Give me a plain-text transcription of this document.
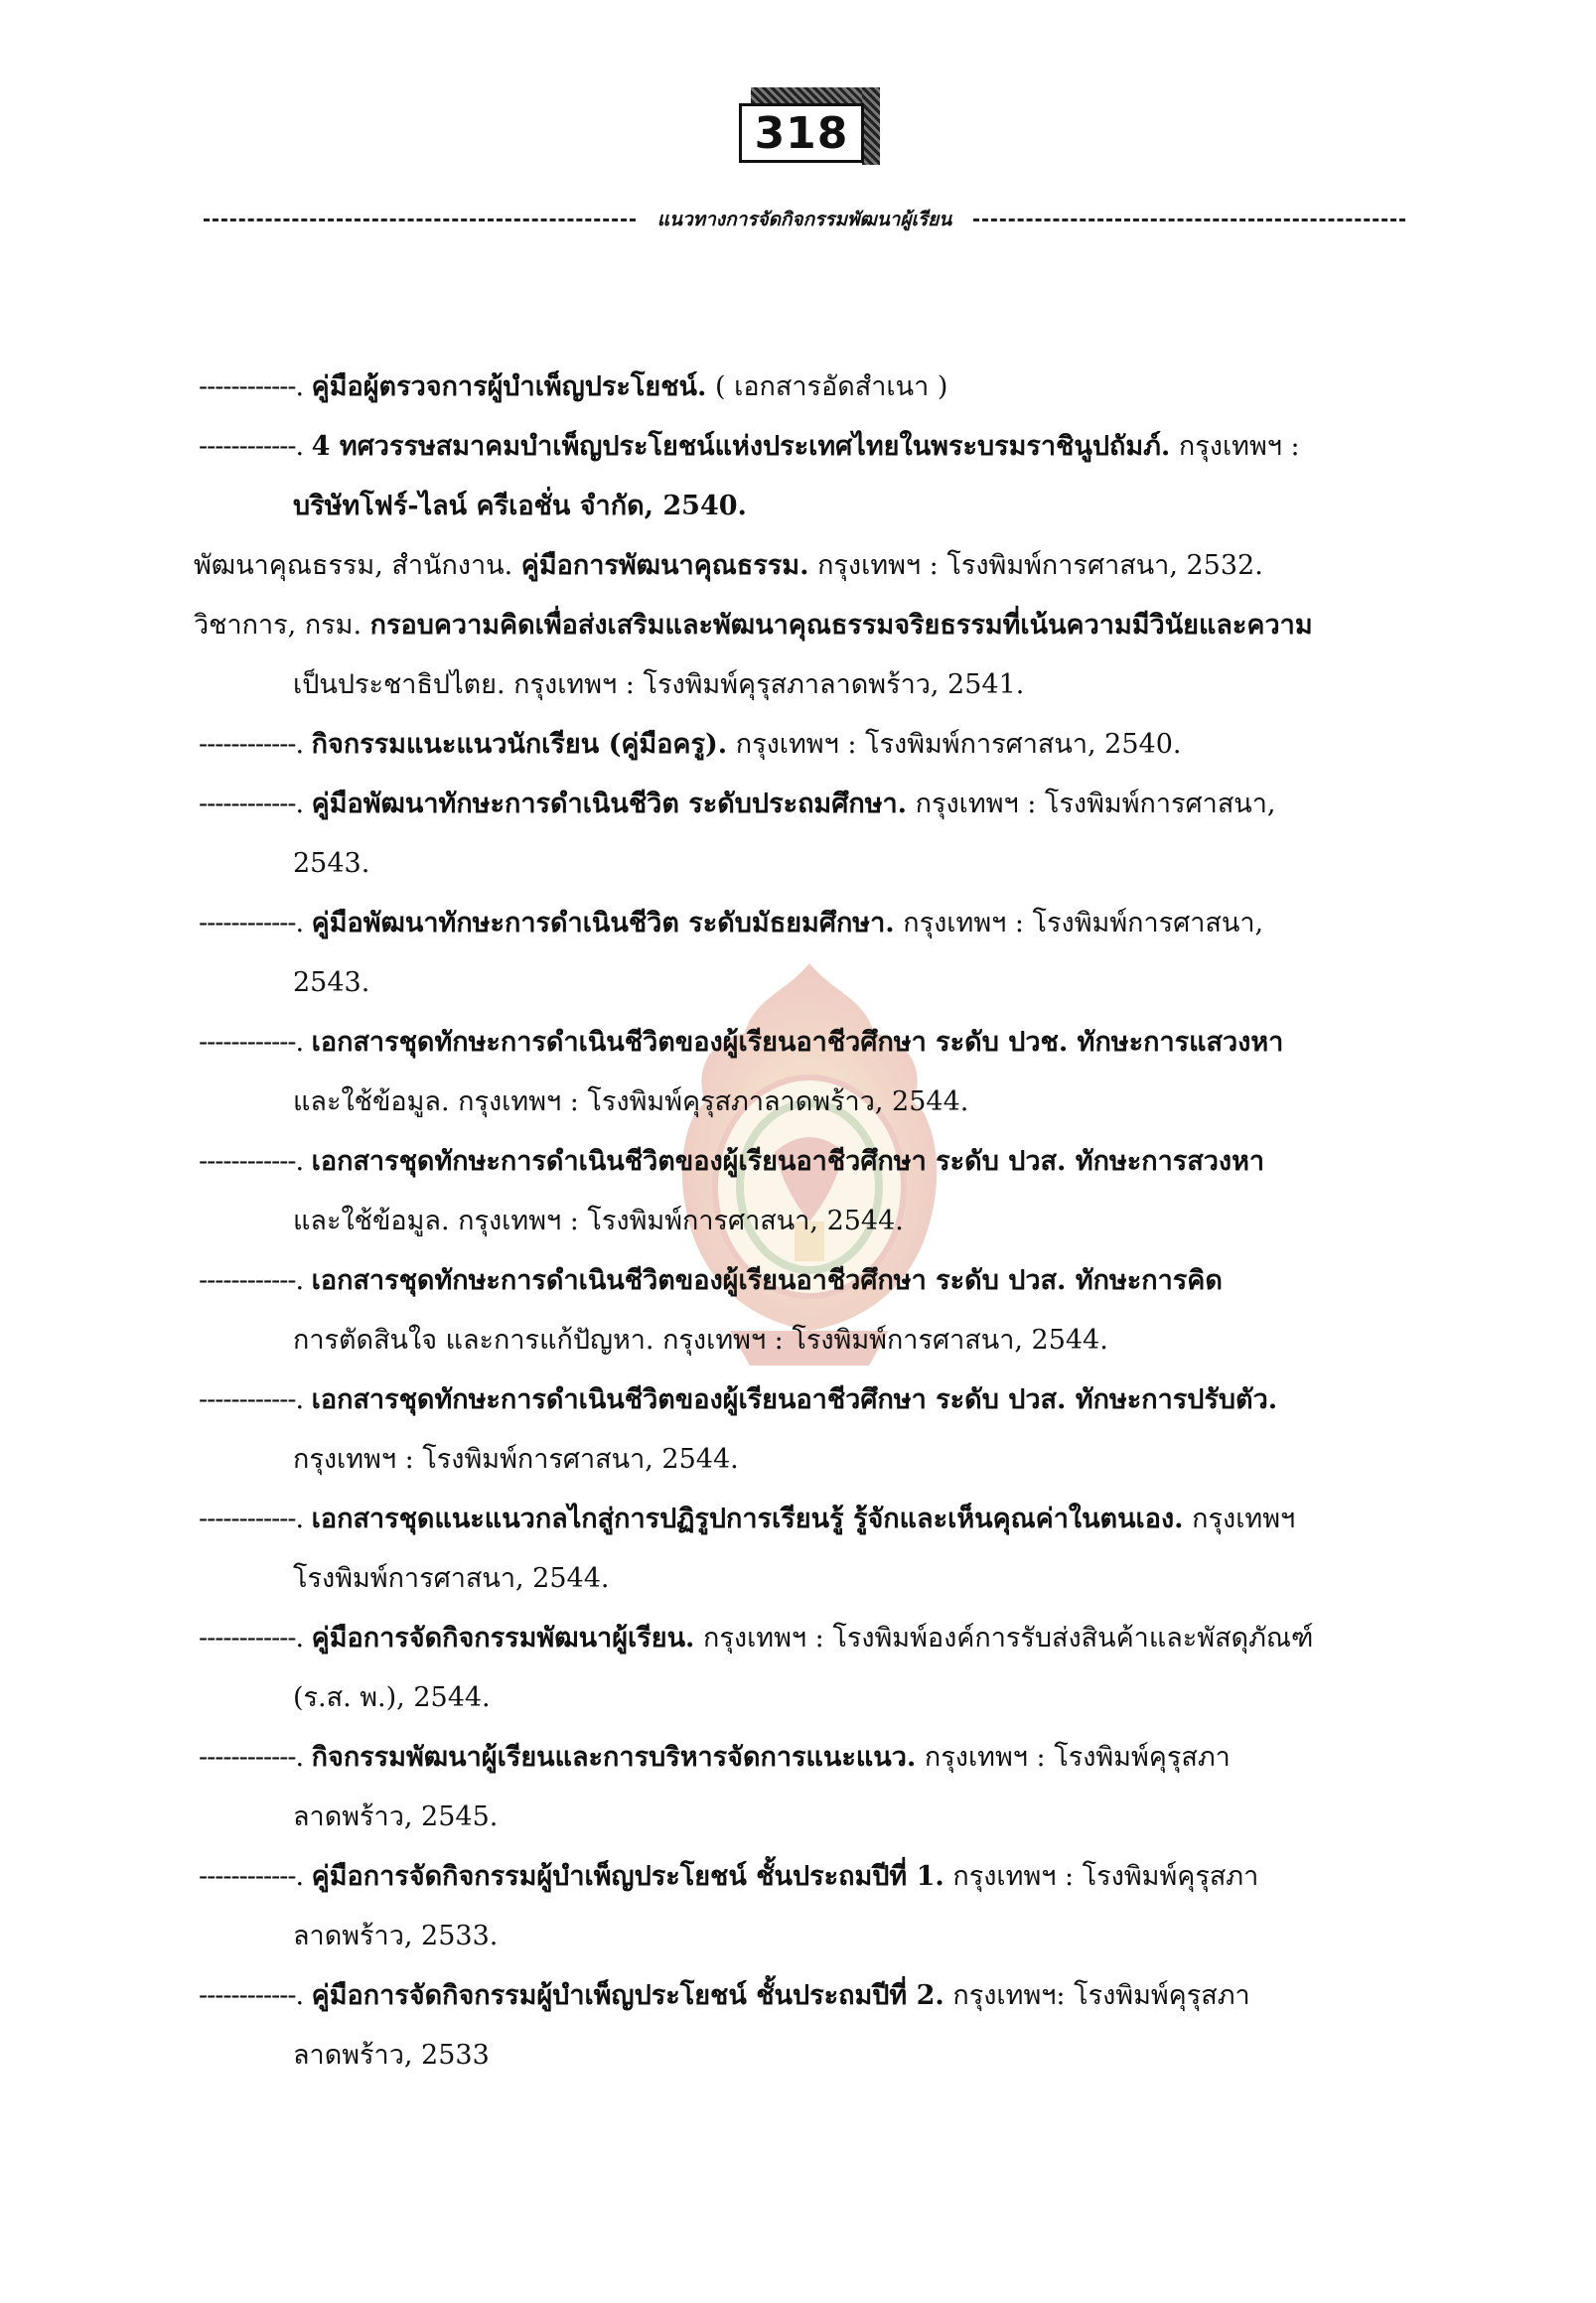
318
แนวทางการจัดกิจกรรมพัฒนาผู้เรียน
------------. คู่มือผู้ตรวจการผู้บำเพ็ญประโยชน์. ( เอกสารอัดสำเนา )
------------. 4 ทศวรรษสมาคมบำเพ็ญประโยชน์แห่งประเทศไทยในพระบรมราชินูปถัมภ์. กรุงเทพฯ :
บริษัทโฟร์-ไลน์ ครีเอชั่น จำกัด, 2540.
พัฒนาคุณธรรม, สำนักงาน. คู่มือการพัฒนาคุณธรรม. กรุงเทพฯ : โรงพิมพ์การศาสนา, 2532.
วิชาการ, กรม. กรอบความคิดเพื่อส่งเสริมและพัฒนาคุณธรรมจริยธรรมที่เน้นความมีวินัยและความ
เป็นประชาธิปไตย. กรุงเทพฯ : โรงพิมพ์คุรุสภาลาดพร้าว, 2541.
------------. กิจกรรมแนะแนวนักเรียน (คู่มือครู). กรุงเทพฯ : โรงพิมพ์การศาสนา, 2540.
------------. คู่มือพัฒนาทักษะการดำเนินชีวิต ระดับประถมศึกษา. กรุงเทพฯ : โรงพิมพ์การศาสนา,
2543.
------------. คู่มือพัฒนาทักษะการดำเนินชีวิต ระดับมัธยมศึกษา. กรุงเทพฯ : โรงพิมพ์การศาสนา,
2543.
------------. เอกสารชุดทักษะการดำเนินชีวิตของผู้เรียนอาชีวศึกษา ระดับ ปวช. ทักษะการแสวงหา
และใช้ข้อมูล. กรุงเทพฯ : โรงพิมพ์คุรุสภาลาดพร้าว, 2544.
------------. เอกสารชุดทักษะการดำเนินชีวิตของผู้เรียนอาชีวศึกษา ระดับ ปวส. ทักษะการสวงหา
และใช้ข้อมูล. กรุงเทพฯ : โรงพิมพ์การศาสนา, 2544.
------------. เอกสารชุดทักษะการดำเนินชีวิตของผู้เรียนอาชีวศึกษา ระดับ ปวส. ทักษะการคิด
การตัดสินใจ และการแก้ปัญหา. กรุงเทพฯ : โรงพิมพ์การศาสนา, 2544.
------------. เอกสารชุดทักษะการดำเนินชีวิตของผู้เรียนอาชีวศึกษา ระดับ ปวส. ทักษะการปรับตัว.
กรุงเทพฯ : โรงพิมพ์การศาสนา, 2544.
------------. เอกสารชุดแนะแนวกลไกสู่การปฏิรูปการเรียนรู้ รู้จักและเห็นคุณค่าในตนเอง. กรุงเทพฯ
โรงพิมพ์การศาสนา, 2544.
------------. คู่มือการจัดกิจกรรมพัฒนาผู้เรียน. กรุงเทพฯ : โรงพิมพ์องค์การรับส่งสินค้าและพัสดุภัณฑ์
(ร.ส. พ.), 2544.
------------. กิจกรรมพัฒนาผู้เรียนและการบริหารจัดการแนะแนว. กรุงเทพฯ : โรงพิมพ์คุรุสภา
ลาดพร้าว, 2545.
------------. คู่มือการจัดกิจกรรมผู้บำเพ็ญประโยชน์ ชั้นประถมปีที่ 1. กรุงเทพฯ : โรงพิมพ์คุรุสภา
ลาดพร้าว, 2533.
------------. คู่มือการจัดกิจกรรมผู้บำเพ็ญประโยชน์ ชั้นประถมปีที่ 2. กรุงเทพฯ: โรงพิมพ์คุรุสภา
ลาดพร้าว, 2533
